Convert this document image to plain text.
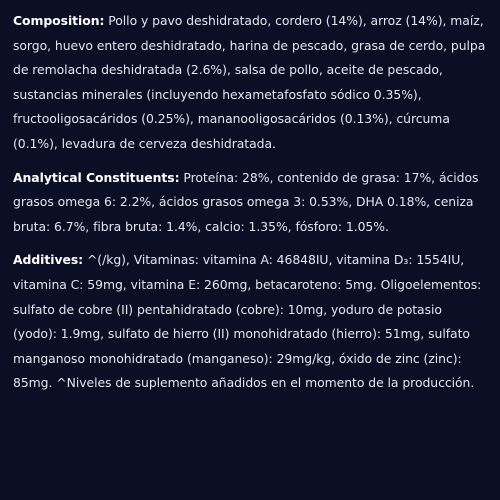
Composition: Pollo y pavo deshidratado, cordero (14%), arroz (14%), maíz, sorgo, huevo entero deshidratado, harina de pescado, grasa de cerdo, pulpa de remolacha deshidratada (2.6%), salsa de pollo, aceite de pescado, sustancias minerales (incluyendo hexametafosfato sódico 0.35%), fructooligosacáridos (0.25%), mananooligosacáridos (0.13%), cúrcuma (0.1%), levadura de cerveza deshidratada.

Analytical Constituents: Proteína: 28%, contenido de grasa: 17%, ácidos grasos omega 6: 2.2%, ácidos grasos omega 3: 0.53%, DHA 0.18%, ceniza bruta: 6.7%, fibra bruta: 1.4%, calcio: 1.35%, fósforo: 1.05%.

Additives: ^(/kg), Vitaminas: vitamina A: 46848IU, vitamina D₃: 1554IU, vitamina C: 59mg, vitamina E: 260mg, betacaroteno: 5mg. Oligoelementos: sulfato de cobre (II) pentahidratado (cobre): 10mg, yoduro de potasio (yodo): 1.9mg, sulfato de hierro (II) monohidratado (hierro): 51mg, sulfato manganoso monohidratado (manganeso): 29mg/kg, óxido de zinc (zinc): 85mg. ^Niveles de suplemento añadidos en el momento de la producción.
